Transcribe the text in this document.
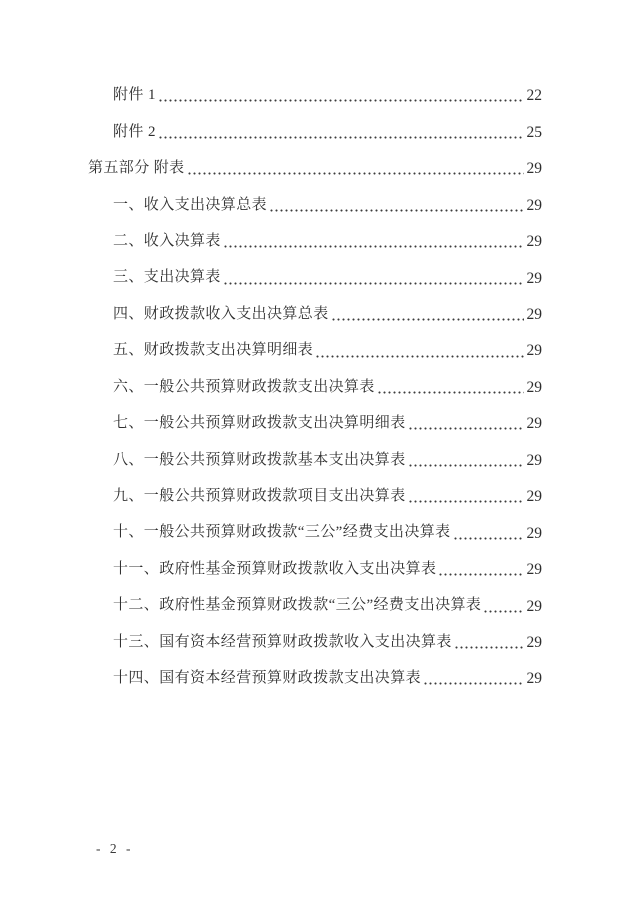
附件 1	22
附件 2	25
第五部分 附表	29
一、收入支出决算总表	29
二、收入决算表	29
三、支出决算表	29
四、财政拨款收入支出决算总表	29
五、财政拨款支出决算明细表	29
六、一般公共预算财政拨款支出决算表	29
七、一般公共预算财政拨款支出决算明细表	29
八、一般公共预算财政拨款基本支出决算表	29
九、一般公共预算财政拨款项目支出决算表	29
十、一般公共预算财政拨款“三公”经费支出决算表	29
十一、政府性基金预算财政拨款收入支出决算表	29
十二、政府性基金预算财政拨款“三公”经费支出决算表	29
十三、国有资本经营预算财政拨款收入支出决算表	29
十四、国有资本经营预算财政拨款支出决算表	29
- 2 -
